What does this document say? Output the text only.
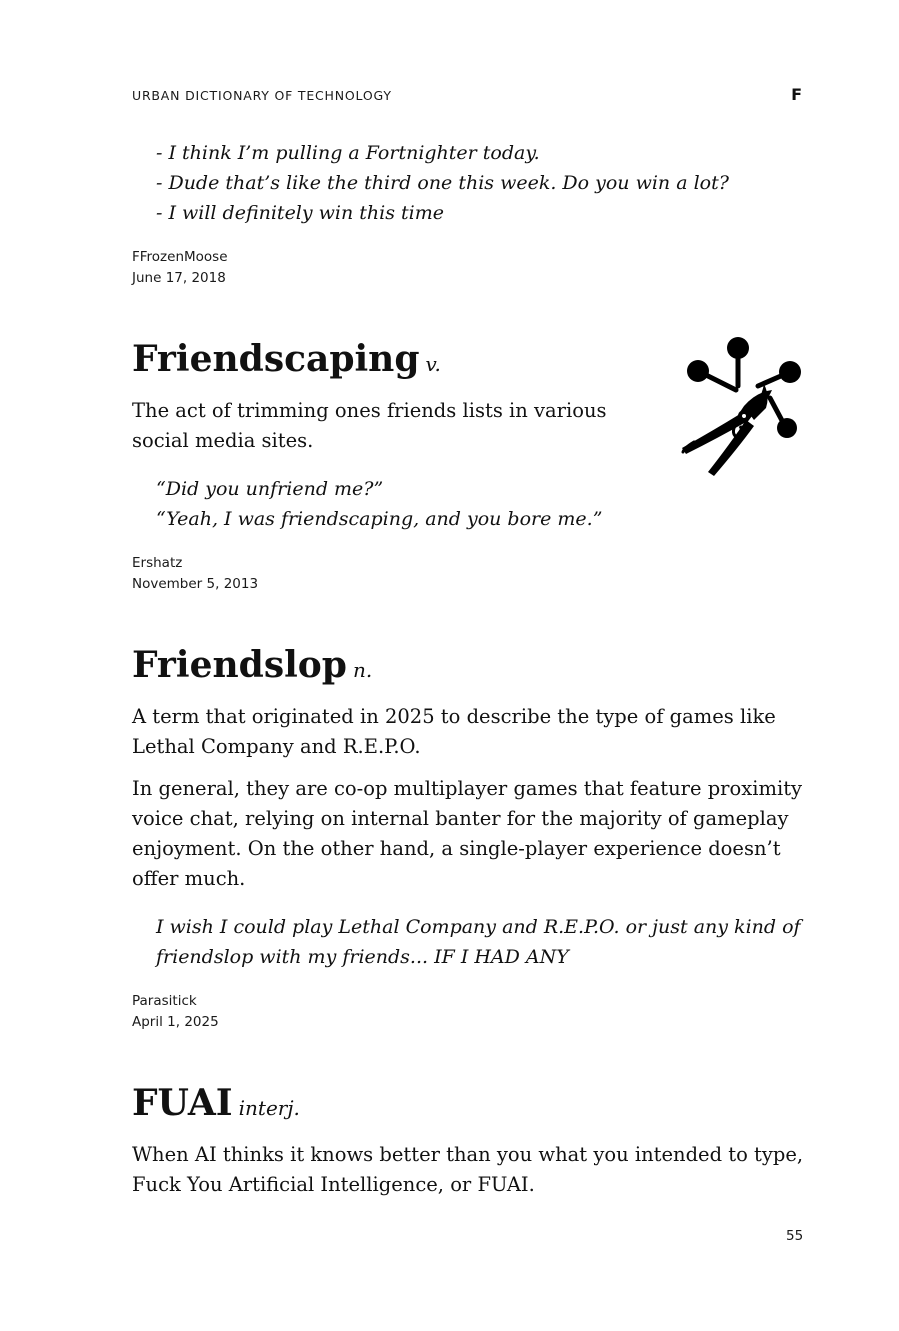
URBAN DICTIONARY OF TECHNOLOGY	F
- I think I’m pulling a Fortnighter today.
- Dude that’s like the third one this week. Do you win a lot?
- I will definitely win this time
FFrozenMoose
June 17, 2018
Friendscaping v.
The act of trimming ones friends lists in various
social media sites.
“Did you unfriend me?”
“Yeah, I was friendscaping, and you bore me.”
Ershatz
November 5, 2013
Friendslop n.
A term that originated in 2025 to describe the type of games like
Lethal Company and R.E.P.O.
In general, they are co-op multiplayer games that feature proximity
voice chat, relying on internal banter for the majority of gameplay
enjoyment. On the other hand, a single-player experience doesn’t
offer much.
I wish I could play Lethal Company and R.E.P.O. or just any kind of
friendslop with my friends... IF I HAD ANY
Parasitick
April 1, 2025
FUAI interj.
When AI thinks it knows better than you what you intended to type,
Fuck You Artificial Intelligence, or FUAI.
55
